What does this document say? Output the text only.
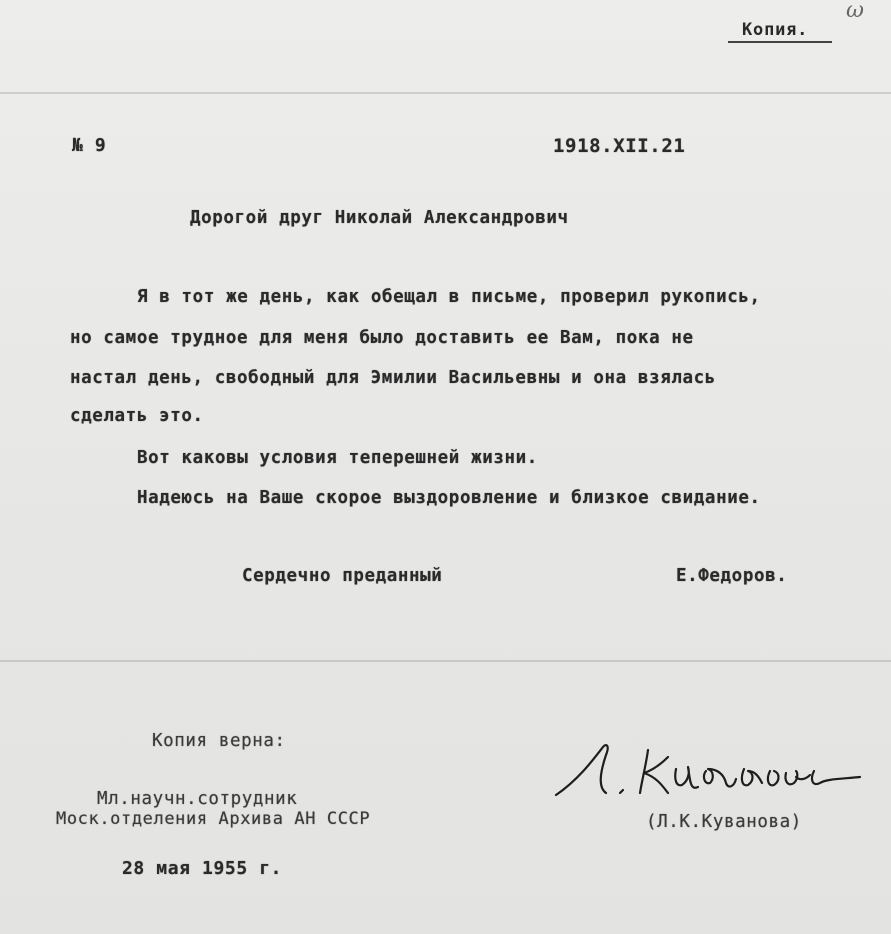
ω
Копия.
№ 9	1918.XII.21
Дорогой друг Николай Александрович
Я в тот же день, как обещал в письме, проверил рукопись,
но самое трудное для меня было доставить ее Вам, пока не
настал день, свободный для Эмилии Васильевны и она взялась
сделать это.
Вот каковы условия теперешней жизни.
Надеюсь на Ваше скорое выздоровление и близкое свидание.
Сердечно преданный	Е.Федоров.
Копия верна:
Мл.научн.сотрудник
Моск.отделения Архива АН СССР	(Л.К.Куванова)
28 мая 1955 г.
